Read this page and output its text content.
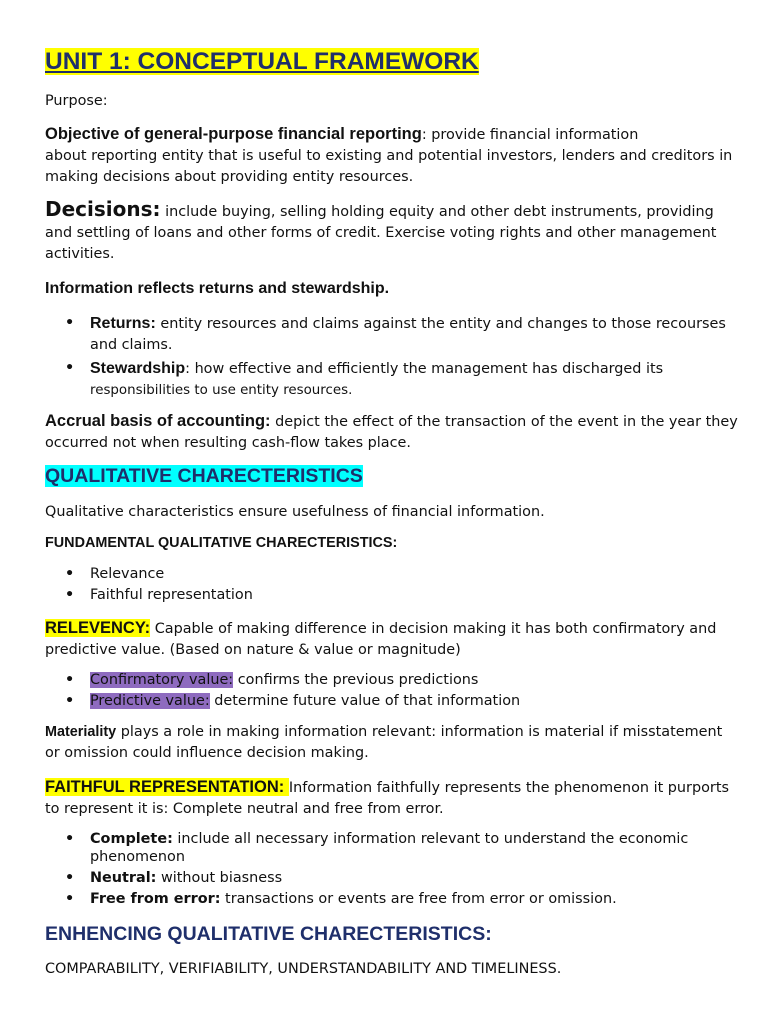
UNIT 1: CONCEPTUAL FRAMEWORK

Purpose:

Objective of general-purpose financial reporting: provide financial information
about reporting entity that is useful to existing and potential investors, lenders and creditors in making decisions about providing entity resources.

Decisions: include buying, selling holding equity and other debt instruments, providing and settling of loans and other forms of credit. Exercise voting rights and other management activities.

Information reflects returns and stewardship.

• Returns: entity resources and claims against the entity and changes to those recourses and claims.
• Stewardship: how effective and efficiently the management has discharged its
responsibilities to use entity resources.

Accrual basis of accounting: depict the effect of the transaction of the event in the year they occurred not when resulting cash-flow takes place.

QUALITATIVE CHARECTERISTICS

Qualitative characteristics ensure usefulness of financial information.

FUNDAMENTAL QUALITATIVE CHARECTERISTICS:

• Relevance
• Faithful representation

RELEVENCY: Capable of making difference in decision making it has both confirmatory and predictive value. (Based on nature & value or magnitude)

• Confirmatory value: confirms the previous predictions
• Predictive value: determine future value of that information

Materiality plays a role in making information relevant: information is material if misstatement or omission could influence decision making.

FAITHFUL REPRESENTATION: Information faithfully represents the phenomenon it purports to represent it is: Complete neutral and free from error.

• Complete: include all necessary information relevant to understand the economic phenomenon
• Neutral: without biasness
• Free from error: transactions or events are free from error or omission.

ENHENCING QUALITATIVE CHARECTERISTICS:

COMPARABILITY, VERIFIABILITY, UNDERSTANDABILITY AND TIMELINESS.
